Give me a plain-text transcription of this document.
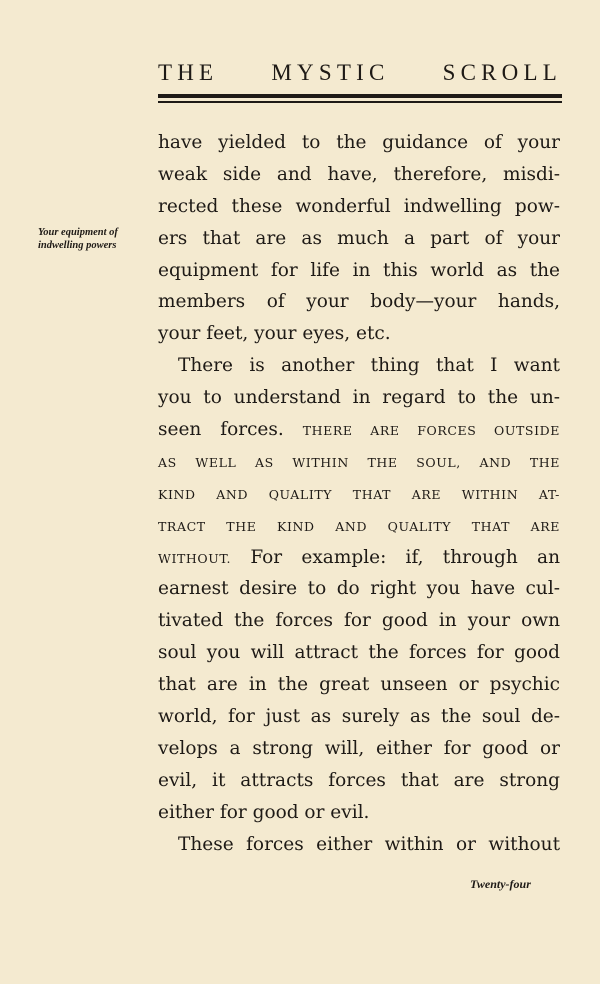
THE MYSTIC SCROLL
Your equipment of
indwelling powers
have yielded to the guidance of your
weak side and have, therefore, misdi-
rected these wonderful indwelling pow-
ers that are as much a part of your
equipment for life in this world as the
members of your body—your hands,
your feet, your eyes, etc.
There is another thing that I want
you to understand in regard to the un-
seen forces. THERE ARE FORCES OUTSIDE
AS WELL AS WITHIN THE SOUL, AND THE
KIND AND QUALITY THAT ARE WITHIN AT-
TRACT THE KIND AND QUALITY THAT ARE
WITHOUT. For example: if, through an
earnest desire to do right you have cul-
tivated the forces for good in your own
soul you will attract the forces for good
that are in the great unseen or psychic
world, for just as surely as the soul de-
velops a strong will, either for good or
evil, it attracts forces that are strong
either for good or evil.
These forces either within or without
Twenty-four
